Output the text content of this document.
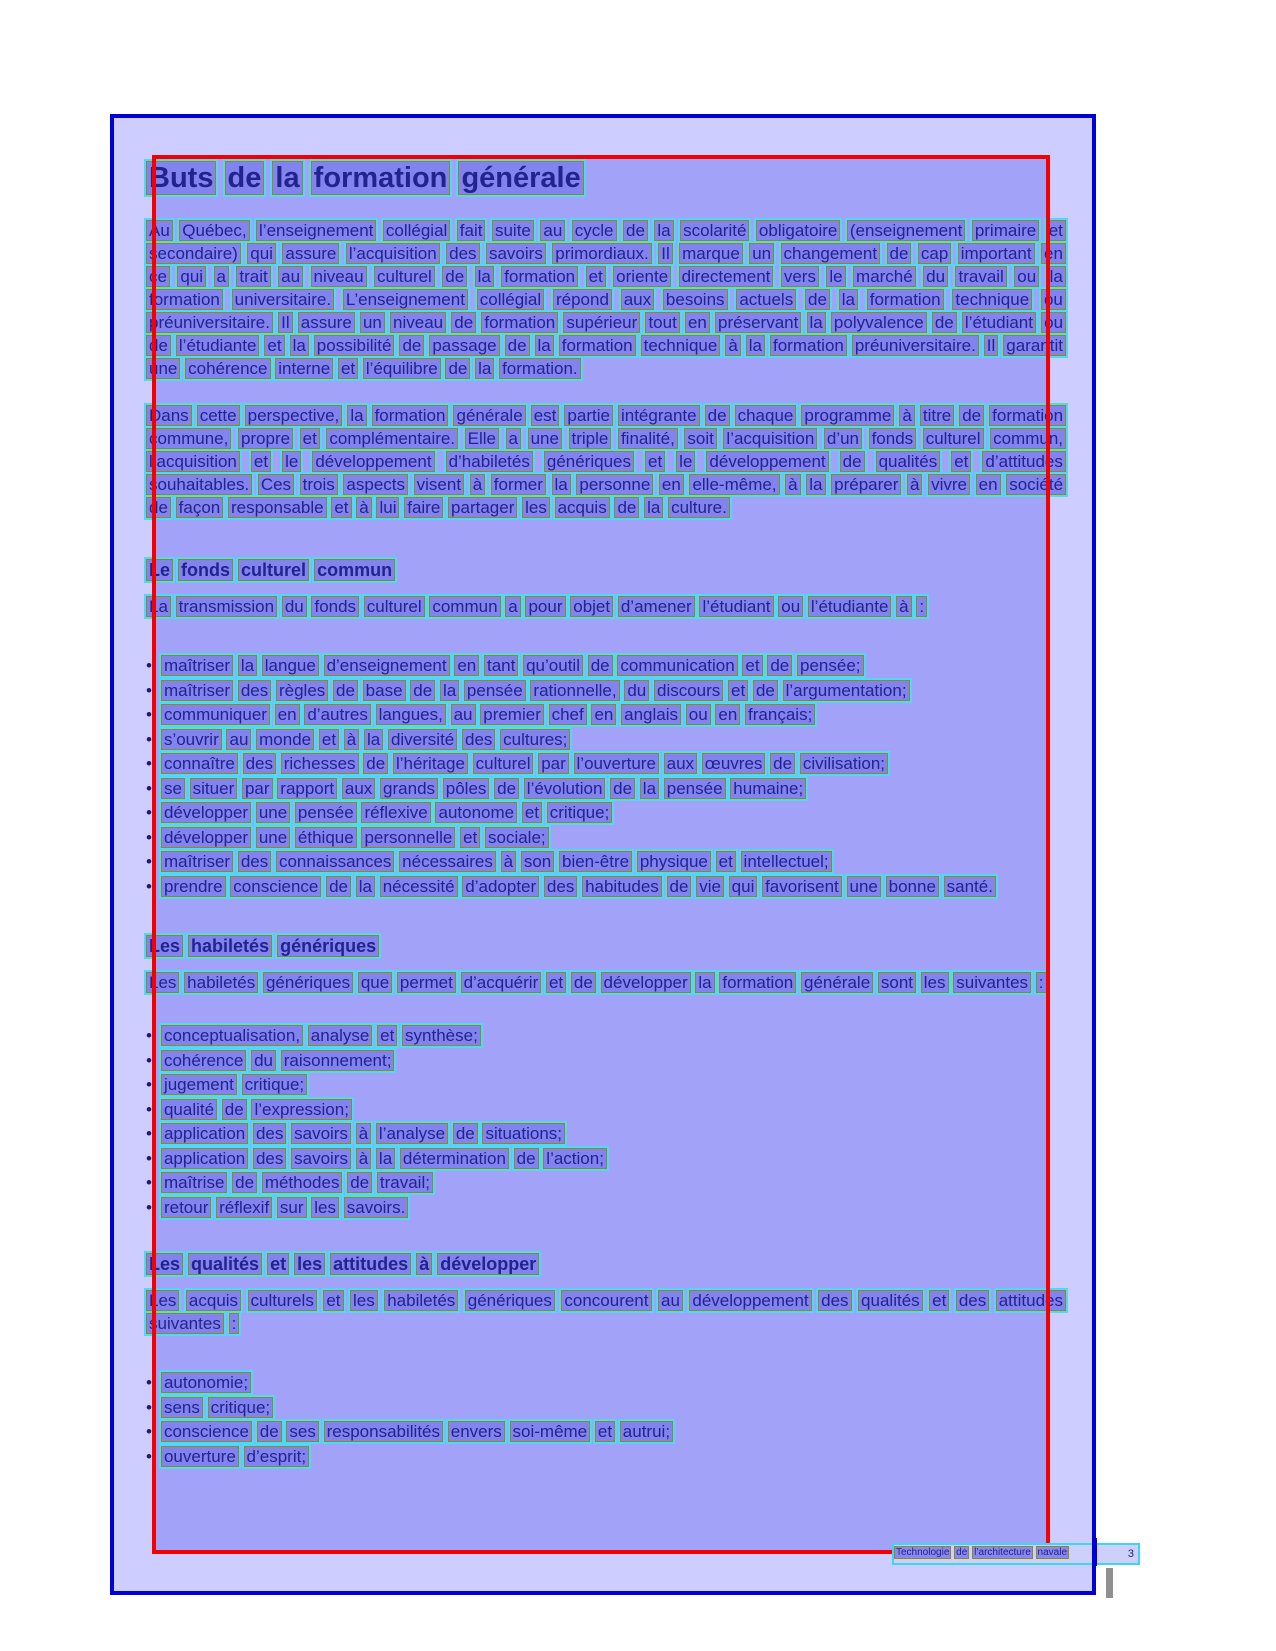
Buts de la formation générale

Au Québec, l’enseignement collégial fait suite au cycle de la scolarité obligatoire (enseignement primaire et secondaire) qui assure l’acquisition des savoirs primordiaux. Il marque un changement de cap important en ce qui a trait au niveau culturel de la formation et oriente directement vers le marché du travail ou la formation universitaire. L’enseignement collégial répond aux besoins actuels de la formation technique ou préuniversitaire. Il assure un niveau de formation supérieur tout en préservant la polyvalence de l’étudiant ou de l’étudiante et la possibilité de passage de la formation technique à la formation préuniversitaire. Il garantit une cohérence interne et l’équilibre de la formation.

Dans cette perspective, la formation générale est partie intégrante de chaque programme à titre de formation commune, propre et complémentaire. Elle a une triple finalité, soit l’acquisition d’un fonds culturel commun, l’acquisition et le développement d’habiletés génériques et le développement de qualités et d’attitudes souhaitables. Ces trois aspects visent à former la personne en elle-même, à la préparer à vivre en société de façon responsable et à lui faire partager les acquis de la culture.

Le fonds culturel commun

La transmission du fonds culturel commun a pour objet d’amener l’étudiant ou l’étudiante à :

• maîtriser la langue d’enseignement en tant qu’outil de communication et de pensée;
• maîtriser des règles de base de la pensée rationnelle, du discours et de l’argumentation;
• communiquer en d’autres langues, au premier chef en anglais ou en français;
• s’ouvrir au monde et à la diversité des cultures;
• connaître des richesses de l’héritage culturel par l’ouverture aux œuvres de civilisation;
• se situer par rapport aux grands pôles de l’évolution de la pensée humaine;
• développer une pensée réflexive autonome et critique;
• développer une éthique personnelle et sociale;
• maîtriser des connaissances nécessaires à son bien-être physique et intellectuel;
• prendre conscience de la nécessité d’adopter des habitudes de vie qui favorisent une bonne santé.
Les habiletés génériques

Les habiletés génériques que permet d’acquérir et de développer la formation générale sont les suivantes :

• conceptualisation, analyse et synthèse;
• cohérence du raisonnement;
• jugement critique;
• qualité de l’expression;
• application des savoirs à l’analyse de situations;
• application des savoirs à la détermination de l’action;
• maîtrise de méthodes de travail;
• retour réflexif sur les savoirs.
Les qualités et les attitudes à développer

Les acquis culturels et les habiletés génériques concourent au développement des qualités et des attitudes suivantes :

• autonomie;
• sens critique;
• conscience de ses responsabilités envers soi-même et autrui;
• ouverture d’esprit;
Technologie de l’architecture navale	3
